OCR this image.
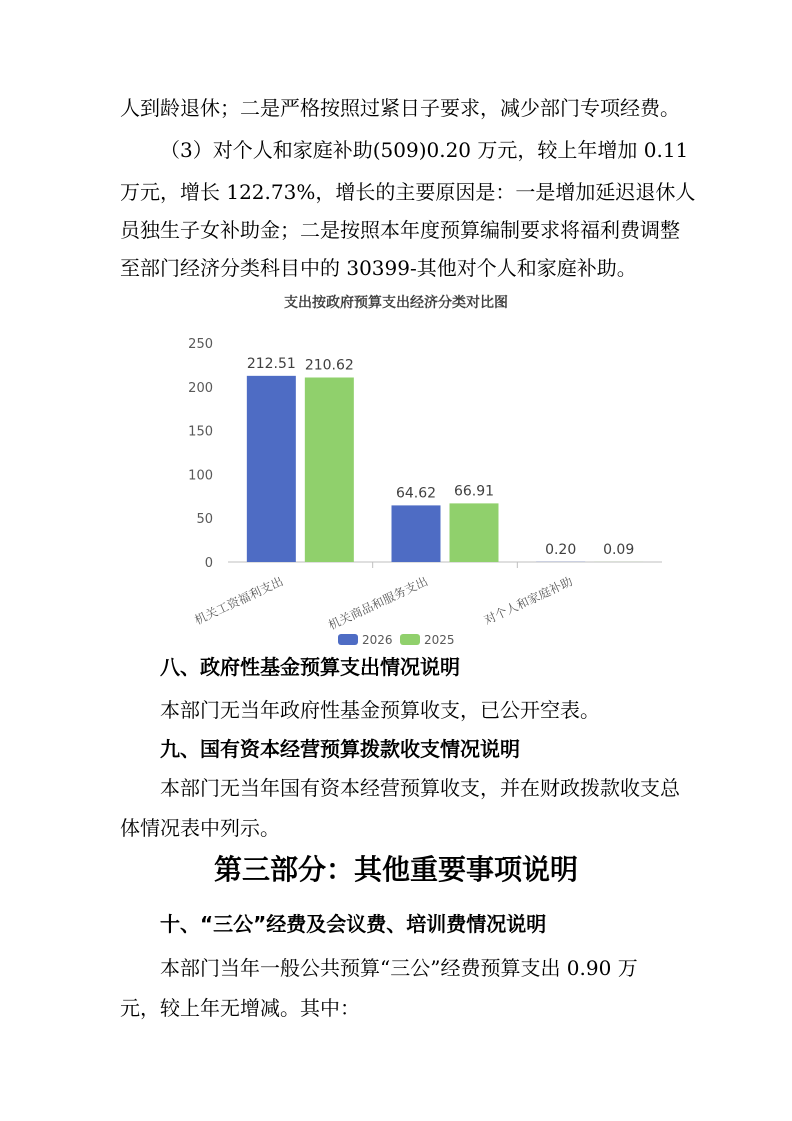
人到龄退休；二是严格按照过紧日子要求，减少部门专项经费。
（3）对个人和家庭补助(509)0.20 万元，较上年增加 0.11
万元，增长 122.73%，增长的主要原因是：一是增加延迟退休人
员独生子女补助金；二是按照本年度预算编制要求将福利费调整
至部门经济分类科目中的 30399-其他对个人和家庭补助。
支出按政府预算支出经济分类对比图
0
50
100
150
200
250
212.51 210.62
机关工资福利支出
64.62 66.91
机关商品和服务支出
0.20 0.09
对个人和家庭补助
2026	2025
八、政府性基金预算支出情况说明
本部门无当年政府性基金预算收支，已公开空表。
九、国有资本经营预算拨款收支情况说明
本部门无当年国有资本经营预算收支，并在财政拨款收支总
体情况表中列示。
第三部分：其他重要事项说明
十、“三公”经费及会议费、培训费情况说明
本部门当年一般公共预算“三公”经费预算支出 0.90 万
元，较上年无增减。其中：
